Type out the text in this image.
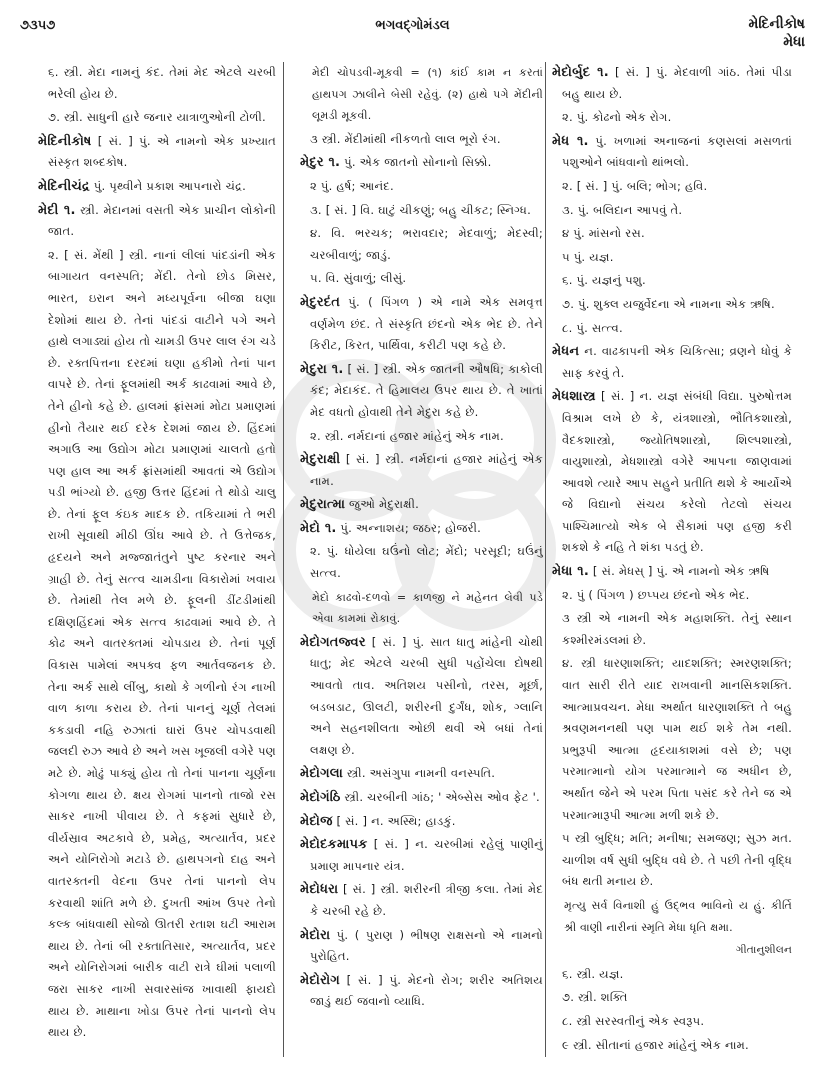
૭૩૫૭	ભગવદ્ગોમંડલ	મેદિનીકોષ
મેધા
૬. સ્ત્રી. મેદા નામનું કંદ. તેમાં મેદ એટલે ચરબી ભરેલી હોય છે.
૭. સ્ત્રી. સાધુની હારે જનાર યાત્રાળુઓની ટોળી.
મેદિનીકોષ [ સં. ] પું. એ નામનો એક પ્રખ્યાત સંસ્કૃત શબ્દકોષ.
મેદિનીચંદ્ર પું. પૃથ્વીને પ્રકાશ આપનારો ચંદ્ર.
મેદી ૧. સ્ત્રી. મેદાનમાં વસતી એક પ્રાચીન લોકોની જાત.
૨. [ સં. મેંથી ] સ્ત્રી. નાનાં લીલાં પાંદડાંની એક બાગાયત વનસ્પતિ; મેંદી. તેનો છોડ મિસર, ભારત, ઇરાન અને મધ્યપૂર્વના બીજા ઘણા દેશોમાં થાય છે. તેનાં પાંદડાં વાટીને પગે અને હાથે લગાડ્યાં હોય તો ચામડી ઉપર લાલ રંગ ચડે છે. રક્તપિત્તના દરદમાં ઘણા હકીમો તેનાં પાન વાપરે છે. તેનાં ફૂલમાંથી અર્ક કાઢવામાં આવે છે, તેને હીનો કહે છે. હાલમાં ફ્રાંસમાં મોટા પ્રમાણમાં હીનો તૈયાર થઈ દરેક દેશમાં જાય છે. હિંદમાં અગાઉ આ ઉદ્યોગ મોટા પ્રમાણમાં ચાલતો હતો પણ હાલ આ અર્ક ફ્રાંસમાંથી આવતાં એ ઉદ્યોગ પડી ભાંગ્યો છે. હજી ઉત્તર હિંદમાં તે થોડો ચાલુ છે. તેનાં ફૂલ કંઇક માદક છે. તકિયામાં તે ભરી રાખી સૂવાથી મીઠી ઊંઘ આવે છે. તે ઉત્તેજક, હૃદયને અને મજ્જાતંતુને પુષ્ટ કરનાર અને ગ્રાહી છે. તેનું સત્ત્વ ચામડીના વિકારોમાં ખવાય છે. તેમાંથી તેલ મળે છે. ફૂલની ડીંટડીમાંથી દક્ષિણહિંદમાં એક સત્ત્વ કાઢવામાં આવે છે. તે કોઢ અને વાતરક્તમાં ચોપડાય છે. તેનાં પૂર્ણ વિકાસ પામેલાં અપક્વ ફળ આર્તવજનક છે. તેના અર્ક સાથે લીંબુ, કાથો કે ગળીનો રંગ નાખી વાળ કાળા કરાય છે. તેનાં પાનનું ચૂર્ણ તેલમાં કકડાવી નહિ રુઝાતાં ઘારાં ઉપર ચોપડવાથી જલદી રુઝ આવે છે અને ખસ ખૂજલી વગેરે પણ મટે છે. મોઢું પાક્યું હોય તો તેનાં પાનના ચૂર્ણના કોગળા થાય છે. ક્ષય રોગમાં પાનનો તાજો રસ સાકર નાખી પીવાય છે. તે કફમાં સુધારે છે, વીર્યસ્રાવ અટકાવે છે, પ્રમેહ, અત્યાર્તવ, પ્રદર અને યોનિરોગો મટાડે છે. હાથપગનો દાહ અને વાતરક્તની વેદના ઉપર તેનાં પાનનો લેપ કરવાથી શાંતિ મળે છે. દુખતી આંખ ઉપર તેનો કલ્ક બાંધવાથી સોજો ઊતરી રતાશ ઘટી આરામ થાય છે. તેનાં બી રક્તાતિસાર, અત્યાર્તવ, પ્રદર અને યોનિરોગમાં બારીક વાટી રાત્રે ઘીમાં પલાળી જરા સાકર નાખી સવારસાંજ ખાવાથી ફાયદો થાય છે. માથાના ખોડા ઉપર તેનાં પાનનો લેપ થાય છે.
મેદી ચોપડવી-મૂકવી = (૧) કાંઈ કામ ન કરતાં હાથપગ ઝાલીને બેસી રહેવું. (૨) હાથે પગે મેંદીની લૂમડી મૂકવી.
૩ સ્ત્રી. મેંદીમાંથી નીકળતો લાલ ભૂરો રંગ.
મેદુર ૧. પું. એક જાતનો સોનાનો સિક્કો.
૨ પું. હર્ષ; આનંદ.
૩. [ સં. ] વિ. ઘાટું ચીકણું; બહુ ચીકટ; સ્નિગ્ધ.
૪. વિ. ભરચક; ભરાવદાર; મેદવાળું; મેદસ્વી; ચરબીવાળું; જાડું.
૫. વિ. સુંવાળું; લીસું.
મેદુરદંત પું. ( પિંગળ ) એ નામે એક સમવૃત્ત વર્ણમેળ છંદ. તે સંસ્કૃતિ છંદનો એક ભેદ છે. તેને કિરીટ, કિરત, પાર્થિવા, કરીટી પણ કહે છે.
મેદુરા ૧. [ સં. ] સ્ત્રી. એક જાતની ઔષધિ; કાકોલી કંદ; મેદાકંદ. તે હિમાલય ઉપર થાય છે. તે ખાતાં મેદ વધતો હોવાથી તેને મેદુરા કહે છે.
૨. સ્ત્રી. નર્મદાનાં હજાર માંહેનું એક નામ.
મેદુરાક્ષી [ સં. ] સ્ત્રી. નર્મદાનાં હજાર માંહેનું એક નામ.
મેદુરાત્મા જુઓ મેદુરાક્ષી.
મેદો ૧. પું. અન્નાશય; જઠર; હોજરી.
૨. પું. ધોયેલા ઘઉંનો લોટ; મેંદો; પરસૂદી; ઘઉંનું સત્ત્વ.
મેદો કાઢવો-દળવો = કાળજી ને મહેનત લેવી પડે એવા કામમાં રોકાવું.
મેદોગતજ્વર [ સં. ] પું. સાત ધાતુ માંહેની ચોથી ધાતુ; મેદ એટલે ચરબી સુધી પહોંચેલા દોષથી આવતો તાવ. અતિશય પસીનો, તરસ, મૂર્છા, બડબડાટ, ઊલટી, શરીરની દુર્ગંધ, શોક, ગ્લાનિ અને સહનશીલતા ઓછી થવી એ બધાં તેનાં લક્ષણ છે.
મેદોગલા સ્ત્રી. અસંગુપા નામની વનસ્પતિ.
મેદોગંઠિ સ્ત્રી. ચરબીની ગાંઠ; ' એબ્સેસ ઓવ ફેટ '.
મેદોજ [ સં. ] ન. અસ્થિ; હાડકું.
મેદોદકમાપક [ સં. ] ન. ચરબીમાં રહેલું પાણીનું પ્રમાણ માપનાર યંત્ર.
મેદોધરા [ સં. ] સ્ત્રી. શરીરની ત્રીજી કલા. તેમાં મેદ કે ચરબી રહે છે.
મેદોરા પું. ( પુરાણ ) ભીષણ રાક્ષસનો એ નામનો પુરોહિત.
મેદોરોગ [ સં. ] પું. મેદનો રોગ; શરીર અતિશય જાડું થઈ જવાનો વ્યાધિ.
મેદોર્બુદ ૧. [ સં. ] પું. મેદવાળી ગાંઠ. તેમાં પીડા બહુ થાય છે.
૨. પું. કોઢનો એક રોગ.
મેધ ૧. પું. ખળામાં અનાજનાં કણસલાં મસળતાં પશુઓને બાંધવાનો થાંભલો.
૨. [ સં. ] પું. બલિ; ભોગ; હવિ.
૩. પું. બલિદાન આપવું તે.
૪ પું. માંસનો રસ.
૫ પું. યજ્ઞ.
૬. પું. યજ્ઞનું પશુ.
૭. પું. શુક્લ યજુર્વેદના એ નામના એક ઋષિ.
૮. પું. સત્ત્વ.
મેધન ન. વાઢકાપની એક ચિકિત્સા; વ્રણને ધોવું કે સાફ કરવું તે.
મેધશાસ્ત્ર [ સં. ] ન. યજ્ઞ સંબંધી વિદ્યા. પુરુષોત્તમ વિશ્રામ લખે છે કે, યંત્રશાસ્ત્રો, ભૌતિકશાસ્ત્રો, વૈદકશાસ્ત્રો, જ્યોતિષશાસ્ત્રો, શિલ્પશાસ્ત્રો, વાયુશાસ્ત્રો, મેધશાસ્ત્રો વગેરે આપના જાણવામાં આવશે ત્યારે આપ સહુને પ્રતીતિ થશે કે આર્યોએ જે વિદ્યાનો સંચય કરેલો તેટલો સંચય પાશ્ચિમાત્યો એક બે સૈકામાં પણ હજી કરી શકશે કે નહિ તે શંકા પડતું છે.
મેધા ૧. [ સં. મેધસ્ ] પું. એ નામનો એક ઋષિ
૨. પું ( પિંગળ ) છપ્પય છંદનો એક ભેદ.
૩ સ્ત્રી એ નામની એક મહાશક્તિ. તેનું સ્થાન કશ્મીરમંડલમાં છે.
૪. સ્ત્રી ધારણાશક્તિ; યાદશક્તિ; સ્મરણશક્તિ; વાત સારી રીતે યાદ રાખવાની માનસિકશક્તિ. આત્માપ્રવચન. મેધા અર્થાત ધારણાશક્તિ તે બહુ શ્રવણમનનથી પણ પામ થઈ શકે તેમ નથી. પ્રભુરૂપી આત્મા હૃદયાકાશમાં વસે છે; પણ પરમાત્માનો યોગ પરમાત્માને જ અધીન છે, અર્થાત જેને એ પરમ પિતા પસંદ કરે તેને જ એ પરમાત્મારૂપી આત્મા મળી શકે છે.
૫ સ્ત્રી બુદ્ધિ; મતિ; મનીષા; સમજણ; સુઝ મત. ચાળીશ વર્ષ સુધી બુદ્ધિ વધે છે. તે પછી તેની વૃદ્ધિ બંધ થતી મનાય છે.
મૃત્યુ સર્વ વિનાશી હું ઉદ્ભવ ભાવિનો ય હું. કીર્તિ શ્રી વાણી નારીનાં સ્મૃતિ મેધા ધૃતિ ક્ષમા.
ગીતાનુશીલન
૬. સ્ત્રી. યજ્ઞ.
૭. સ્ત્રી. શક્તિ
૮. સ્ત્રી સરસ્વતીનું એક સ્વરૂપ.
૯ સ્ત્રી. સીતાનાં હજાર માંહેનું એક નામ.
